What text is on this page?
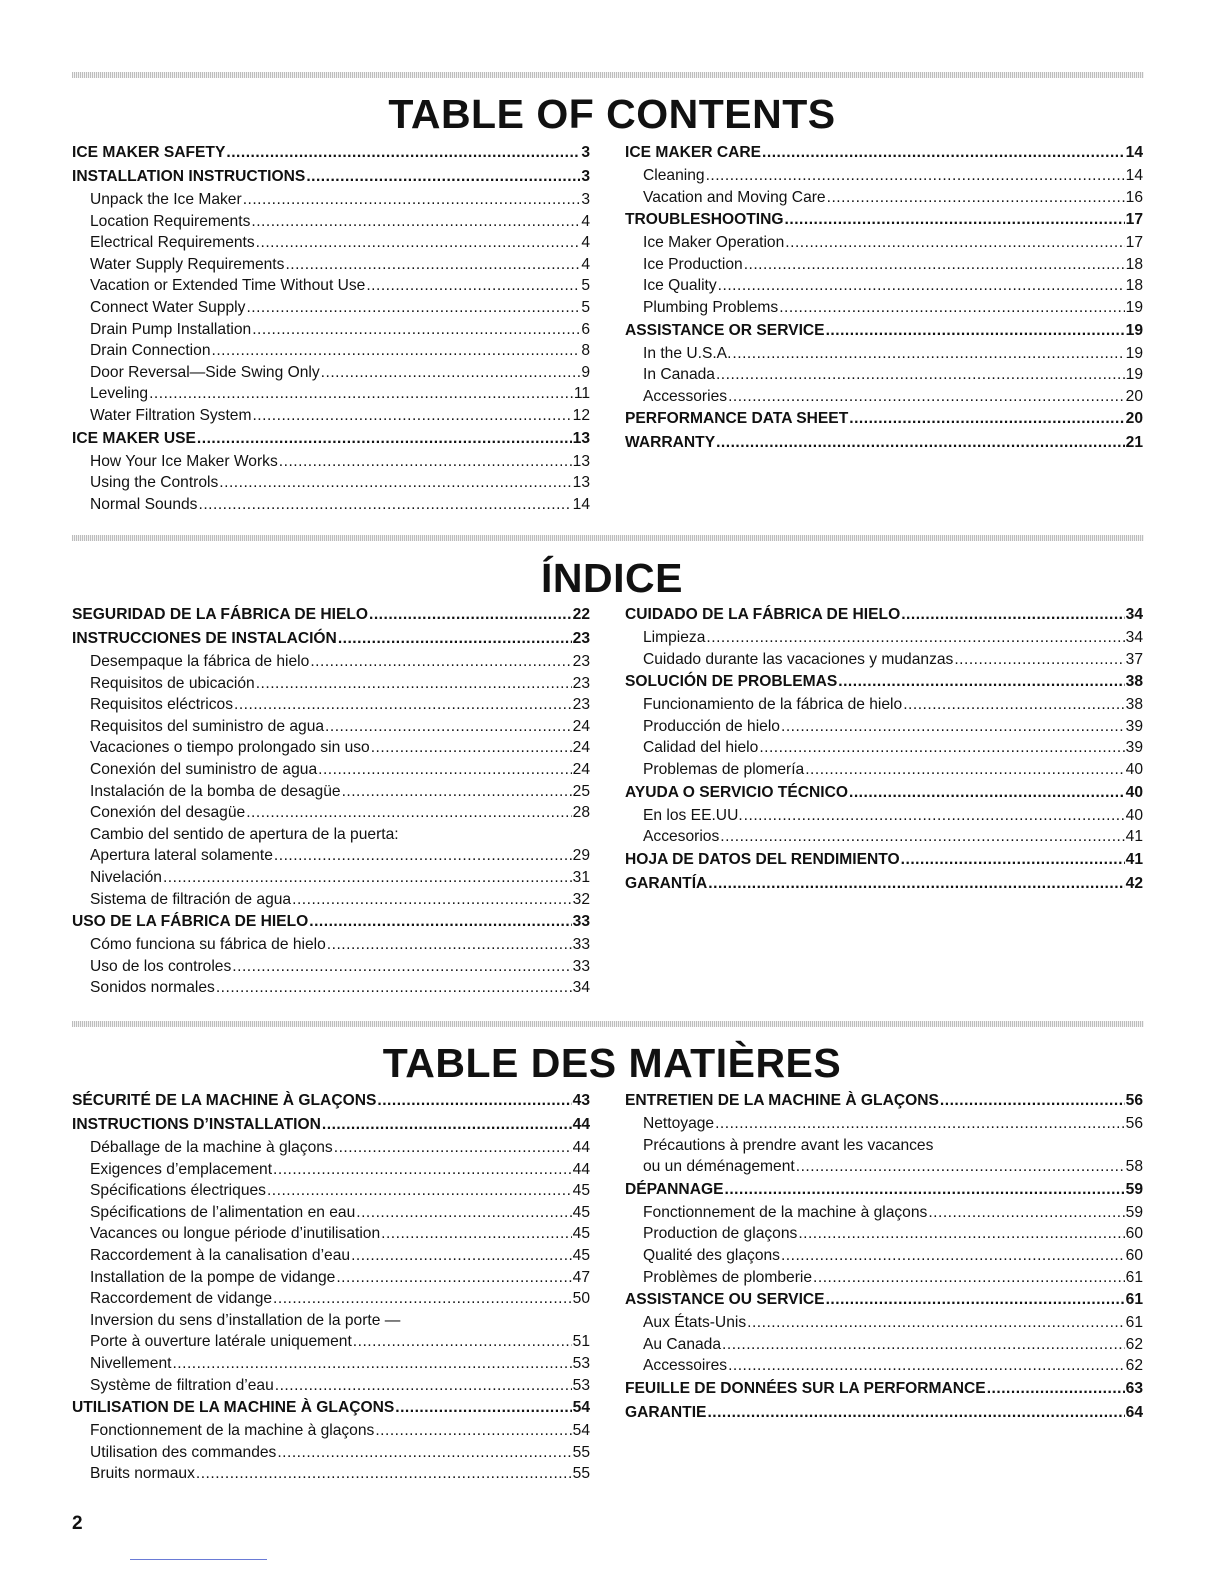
TABLE OF CONTENTS
ICE MAKER SAFETY .....	3
INSTALLATION INSTRUCTIONS .....	3
Unpack the Ice Maker .....	3
Location Requirements .....	4
Electrical Requirements .....	4
Water Supply Requirements .....	4
Vacation or Extended Time Without Use .....	5
Connect Water Supply .....	5
Drain Pump Installation .....	6
Drain Connection .....	8
Door Reversal—Side Swing Only .....	9
Leveling .....	11
Water Filtration System .....	12
ICE MAKER USE .....	13
How Your Ice Maker Works .....	13
Using the Controls .....	13
Normal Sounds .....	14
ICE MAKER CARE .....	14
Cleaning .....	14
Vacation and Moving Care .....	16
TROUBLESHOOTING .....	17
Ice Maker Operation .....	17
Ice Production .....	18
Ice Quality .....	18
Plumbing Problems .....	19
ASSISTANCE OR SERVICE .....	19
In the U.S.A. .....	19
In Canada .....	19
Accessories .....	20
PERFORMANCE DATA SHEET .....	20
WARRANTY .....	21
ÍNDICE
SEGURIDAD DE LA FÁBRICA DE HIELO .....	22
INSTRUCCIONES DE INSTALACIÓN .....	23
Desempaque la fábrica de hielo .....	23
Requisitos de ubicación .....	23
Requisitos eléctricos .....	23
Requisitos del suministro de agua .....	24
Vacaciones o tiempo prolongado sin uso .....	24
Conexión del suministro de agua .....	24
Instalación de la bomba de desagüe .....	25
Conexión del desagüe .....	28
Cambio del sentido de apertura de la puerta:
Apertura lateral solamente .....	29
Nivelación .....	31
Sistema de filtración de agua .....	32
USO DE LA FÁBRICA DE HIELO .....	33
Cómo funciona su fábrica de hielo .....	33
Uso de los controles .....	33
Sonidos normales .....	34
CUIDADO DE LA FÁBRICA DE HIELO .....	34
Limpieza .....	34
Cuidado durante las vacaciones y mudanzas .....	37
SOLUCIÓN DE PROBLEMAS .....	38
Funcionamiento de la fábrica de hielo .....	38
Producción de hielo .....	39
Calidad del hielo .....	39
Problemas de plomería .....	40
AYUDA O SERVICIO TÉCNICO .....	40
En los EE.UU. .....	40
Accesorios .....	41
HOJA DE DATOS DEL RENDIMIENTO .....	41
GARANTÍA .....	42
TABLE DES MATIÈRES
SÉCURITÉ DE LA MACHINE À GLAÇONS .....	43
INSTRUCTIONS D’INSTALLATION .....	44
Déballage de la machine à glaçons .....	44
Exigences d’emplacement .....	44
Spécifications électriques .....	45
Spécifications de l’alimentation en eau .....	45
Vacances ou longue période d’inutilisation .....	45
Raccordement à la canalisation d’eau .....	45
Installation de la pompe de vidange .....	47
Raccordement de vidange .....	50
Inversion du sens d’installation de la porte —
Porte à ouverture latérale uniquement .....	51
Nivellement .....	53
Système de filtration d’eau .....	53
UTILISATION DE LA MACHINE À GLAÇONS .....	54
Fonctionnement de la machine à glaçons .....	54
Utilisation des commandes .....	55
Bruits normaux .....	55
ENTRETIEN DE LA MACHINE À GLAÇONS .....	56
Nettoyage .....	56
Précautions à prendre avant les vacances
ou un déménagement .....	58
DÉPANNAGE .....	59
Fonctionnement de la machine à glaçons .....	59
Production de glaçons .....	60
Qualité des glaçons .....	60
Problèmes de plomberie .....	61
ASSISTANCE OU SERVICE .....	61
Aux États-Unis .....	61
Au Canada .....	62
Accessoires .....	62
FEUILLE DE DONNÉES SUR LA PERFORMANCE .....	63
GARANTIE .....	64
2
